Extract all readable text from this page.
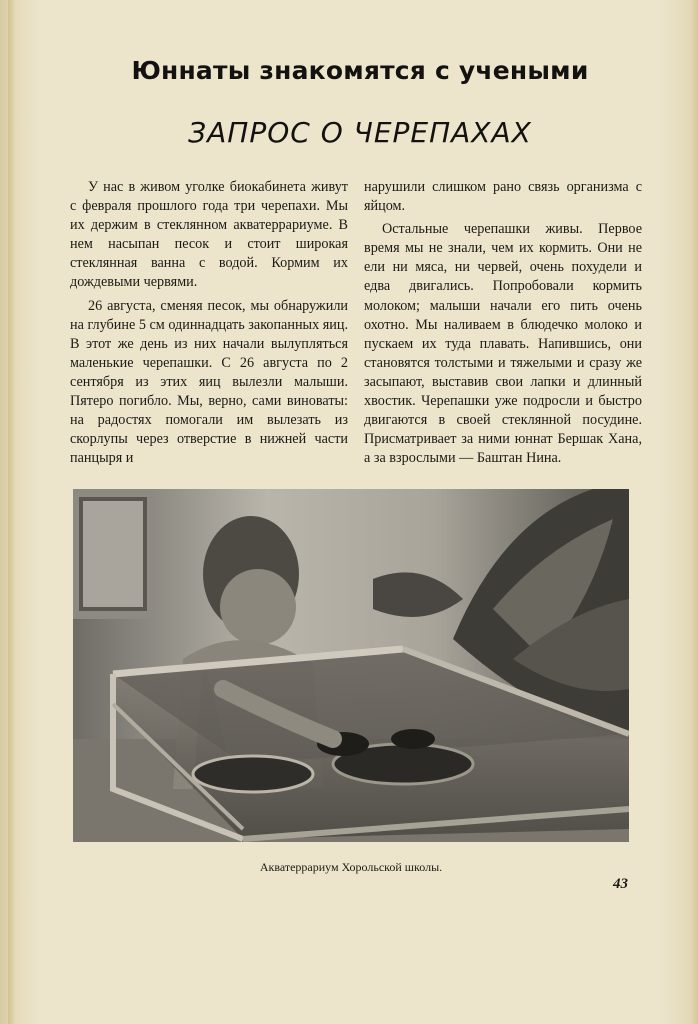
Юннаты знакомятся с учеными
ЗАПРОС О ЧЕРЕПАХАХ

У нас в живом уголке биокабинета живут с февраля прошлого года три черепахи. Мы их держим в стеклянном акватеррариуме. В нем насыпан песок и стоит широкая стеклянная ванна с водой. Кормим их дождевыми червями.

26 августа, сменяя песок, мы обнаружили на глубине 5 см одиннадцать закопанных яиц. В этот же день из них начали вылупляться маленькие черепашки. С 26 августа по 2 сентября из этих яиц вылезли малыши. Пятеро погибло. Мы, верно, сами виноваты: на радостях помогали им вылезать из скорлупы через отверстие в нижней части панцыря и

нарушили слишком рано связь организма с яйцом.

Остальные черепашки живы. Первое время мы не знали, чем их кормить. Они не ели ни мяса, ни червей, очень похудели и едва двигались. Попробовали кормить молоком; малыши начали его пить очень охотно. Мы наливаем в блюдечко молоко и пускаем их туда плавать. Напившись, они становятся толстыми и тяжелыми и сразу же засыпают, выставив свои лапки и длинный хвостик. Черепашки уже подросли и быстро двигаются в своей стеклянной посудине. Присматривает за ними юннат Бершак Хана, а за взрослыми — Баштан Нина.

Акватеррариум Хорольской школы.
43
